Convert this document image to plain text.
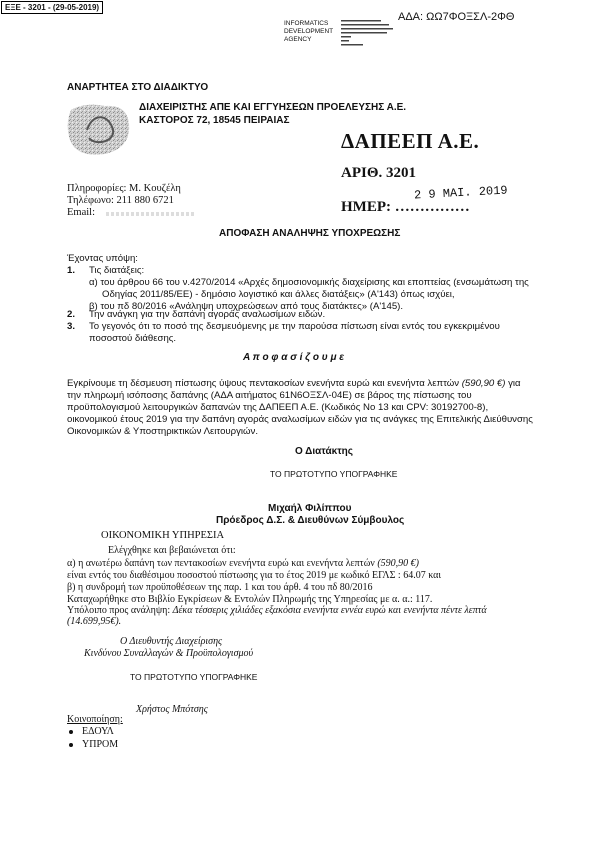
ΕΞΕ - 3201 - (29-05-2019)
ΑΔΑ: ΩΩ7ΦΟΞΣΛ-2ΦΘ
INFORMATICS
DEVELOPMENT
AGENCY
ΑΝΑΡΤΗΤΕΑ ΣΤΟ ΔΙΑΔΙΚΤΥΟ
ΔΙΑΧΕΙΡΙΣΤΗΣ ΑΠΕ ΚΑΙ ΕΓΓΥΗΣΕΩΝ ΠΡΟΕΛΕΥΣΗΣ Α.Ε.
ΚΑΣΤΟΡΟΣ 72, 18545 ΠΕΙΡΑΙΑΣ
ΔΑΠΕΕΠ Α.Ε.
ΑΡΙΘ. 3201
2 9 ΜΑΙ. 2019
ΗΜΕΡ: ……………
Πληροφορίες: Μ. Κουζέλη
Τηλέφωνο: 211 880 6721
Email:
ΑΠΟΦΑΣΗ ΑΝΑΛΗΨΗΣ ΥΠΟΧΡΕΩΣΗΣ
Έχοντας υπόψη:
1. Τις διατάξεις:
α) του άρθρου 66 του ν.4270/2014 «Αρχές δημοσιονομικής διαχείρισης και εποπτείας (ενσωμάτωση της
Οδηγίας 2011/85/ΕΕ) - δημόσιο λογιστικό και άλλες διατάξεις» (Α'143) όπως ισχύει,
β) του πδ 80/2016 «Ανάληψη υποχρεώσεων από τους διατάκτες» (Α'145).
2. Την ανάγκη για την δαπάνη αγοράς αναλωσίμων ειδών.
3. Το γεγονός ότι το ποσό της δεσμευόμενης με την παρούσα πίστωση είναι εντός του εγκεκριμένου
ποσοστού διάθεσης.
Α π ο φ α σ ί ζ ο υ μ ε
Εγκρίνουμε τη δέσμευση πίστωσης ύψους πεντακοσίων ενενήντα ευρώ και ενενήντα λεπτών (590,90 €) για
την πληρωμή ισόποσης δαπάνης (ΑΔΑ αιτήματος 61Ν6ΟΞΣΛ-04Ε) σε βάρος της πίστωσης του
προϋπολογισμού λειτουργικών δαπανών της ΔΑΠΕΕΠ Α.Ε. (Κωδικός Νο 13 και CPV: 30192700-8),
οικονομικού έτους 2019 για την δαπάνη αγοράς αναλωσίμων ειδών για τις ανάγκες της Επιτελικής Διεύθυνσης
Οικονομικών & Υποστηρικτικών Λειτουργιών.
Ο Διατάκτης
ΤΟ ΠΡΩΤΟΤΥΠΟ ΥΠΟΓΡΑΦΗΚΕ
Μιχαήλ Φιλίππου
Πρόεδρος Δ.Σ. & Διευθύνων Σύμβουλος
ΟΙΚΟΝΟΜΙΚΗ ΥΠΗΡΕΣΙΑ
Ελέγχθηκε και βεβαιώνεται ότι:
α) η ανωτέρω δαπάνη των πεντακοσίων ενενήντα ευρώ και ενενήντα λεπτών (590,90 €)
είναι εντός του διαθέσιμου ποσοστού πίστωσης για το έτος 2019 με κωδικό ΕΓΛΣ : 64.07 και
β) η συνδρομή των προϋποθέσεων της παρ. 1 και του άρθ. 4 του πδ 80/2016
Καταχωρήθηκε στο Βιβλίο Εγκρίσεων & Εντολών Πληρωμής της Υπηρεσίας με α. α.: 117.
Υπόλοιπο προς ανάληψη: Δέκα τέσσερις χιλιάδες εξακόσια ενενήντα εννέα ευρώ και ενενήντα πέντε λεπτά
(14.699,95€).
Ο Διευθυντής Διαχείρισης
Κινδύνου Συναλλαγών & Προϋπολογισμού
ΤΟ ΠΡΩΤΟΤΥΠΟ ΥΠΟΓΡΑΦΗΚΕ
Χρήστος Μπότσης
Κοινοποίηση:
ΕΔΟΥΛ
ΥΠΡΟΜ
